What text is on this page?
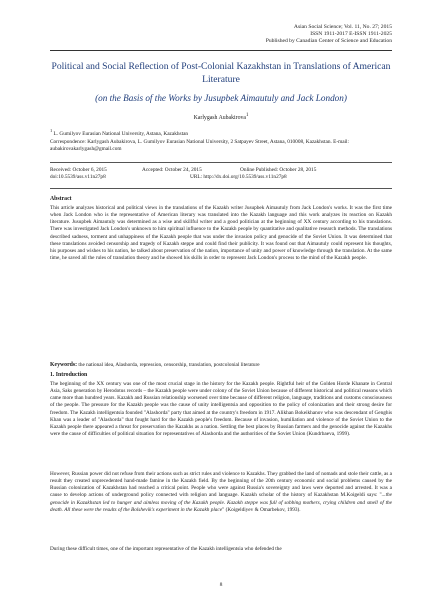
Asian Social Science; Vol. 11, No. 27; 2015
ISSN 1911-2017 E-ISSN 1911-2025
Published by Canadian Center of Science and Education
Political and Social Reflection of Post-Colonial Kazakhstan in Translations of American Literature
(on the Basis of the Works by Jusupbek Aimautuly and Jack London)
Karlygash Aubakirova$^1$
$^1$ L. Gumilyov Eurasian National University, Astana, Kazakhstan
Correspondence: Karlygash Aubakirova, L. Gumilyov Eurasian National University, 2 Satpayev Street, Astana, 010008, Kazakhstan. E-mail: aubakirovakarlygash@gmail.com
Received: October 6, 2015	Accepted: October 24, 2015	Online Published: October 28, 2015
doi:10.5539/ass.v11n27p8	URL: http://dx.doi.org/10.5539/ass.v11n27p8
Abstract
This article analyzes historical and political views in the translations of the Kazakh writer Jusupbek Aimautuly from Jack London's works. It was the first time when Jack London who is the representative of American literary was translated into the Kazakh language and this work analyzes its reaction on Kazakh literature. Jusupbek Aimautuly was determined as a wise and skillful writer and a good politician at the beginning of XX century according to his translations. There was investigated Jack London's unknown to him spiritual influence to the Kazakh people by quantitative and qualitative research methods. The translations described sadness, torment and unhappiness of the Kazakh people that was under the invasion policy and genocide of the Soviet Union. It was determined that these translations avoided censorship and tragedy of Kazakh steppe and could find their publicity. It was found out that Aimautuly could represent his thoughts, his purposes and wishes to his nation, he talked about preservation of the nation, importance of unity and power of knowledge through the translation. At the same time, he saved all the rules of translation theory and he showed his skills in order to represent Jack London's process to the mind of the Kazakh people.
Keywords: the national idea, Alashorda, repression, censorship, translation, postcolonial literature
1. Introduction
The beginning of the XX century was one of the most crucial stage in the history for the Kazakh people. Rightful heir of the Golden Horde Khanate in Central Asia, Saks generation by Herodotus records – the Kazakh people were under colony of the Soviet Union because of different historical and political reasons which came more than hundred years. Kazakh and Russian relationship worsened over time because of different religion, language, traditions and customs consciousness of the people. The pressure for the Kazakh people was the cause of unity intelligentsia and opposition to the policy of colonization and their strong desire for freedom. The Kazakh intelligentsia founded "Alashorda" party that aimed at the country's freedom in 1917. Alikhan Bokeikhanov who was descendant of Genghis Khan was a leader of "Alashorda" that fought hard for the Kazakh people's freedom. Because of invasion, humiliation and violence of the Soviet Union to the Kazakh people there appeared a threat for preservation the Kazakhs as a nation. Settling the best places by Russian farmers and the genocide against the Kazakhs were the cause of difficulties of political situation for representatives of Alashorda and the authorities of the Soviet Union (Kundrbaeva, 1999).
However, Russian power did not refuse from their actions such as strict rules and violence to Kazakhs. They grabbed the land of nomads and stole their cattle, as a result they created unprecedented hand-made famine in the Kazakh field. By the beginning of the 20th century economic and social problems caused by the Russian colonization of Kazakhstan had reached a critical point. People who were against Russia's sovereignty and laws were deported and arrested. It was a cause to develop actions of underground policy connected with religion and language. Kazakh scholar of the history of Kazakhstan M.Koigeldi says: "...the genocide in Kazakhstan led to hunger and aimless moving of the Kazakh people. Kazakh steppe was full of sobbing mothers, crying children and smell of the death. All these were the results of the Bolshevik's experiment in the Kazakh place" (Koigeldiyev & Omarbekov, 1993).
During these difficult times, one of the important representative of the Kazakh intelligentsia who defended the
8
